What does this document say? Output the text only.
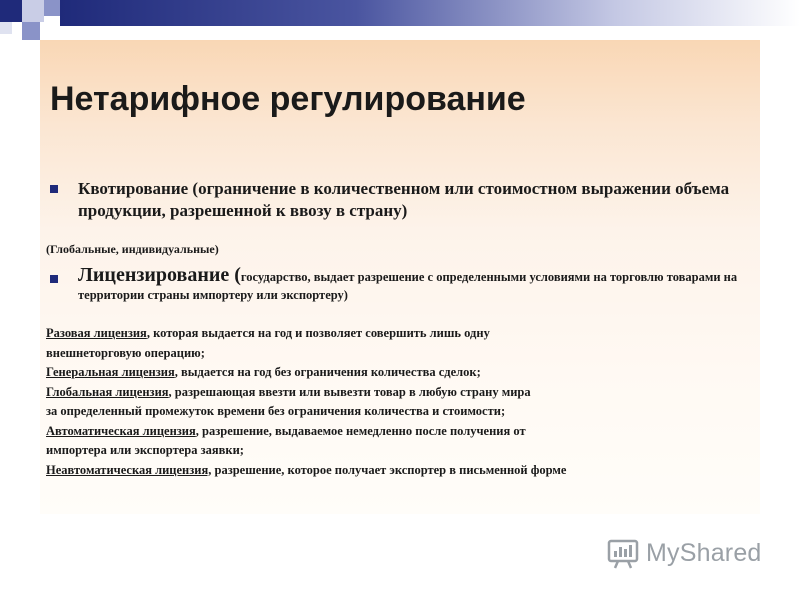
Нетарифное регулирование
Квотирование (ограничение в количественном или стоимостном выражении объема продукции, разрешенной к ввозу в страну)
(Глобальные, индивидуальные)
Лицензирование (государство, выдает разрешение с определенными условиями на торговлю товарами на территории страны импортеру или экспортеру)
Разовая лицензия, которая выдается на год и позволяет совершить лишь одну
внешнеторговую операцию;
Генеральная лицензия, выдается на год без ограничения количества сделок;
Глобальная лицензия, разрешающая ввезти или вывезти товар в любую страну мира
за определенный промежуток времени без ограничения количества и стоимости;
Автоматическая лицензия, разрешение, выдаваемое немедленно после получения от
импортера или экспортера заявки;
Неавтоматическая лицензия, разрешение, которое получает экспортер в письменной форме
MyShared
